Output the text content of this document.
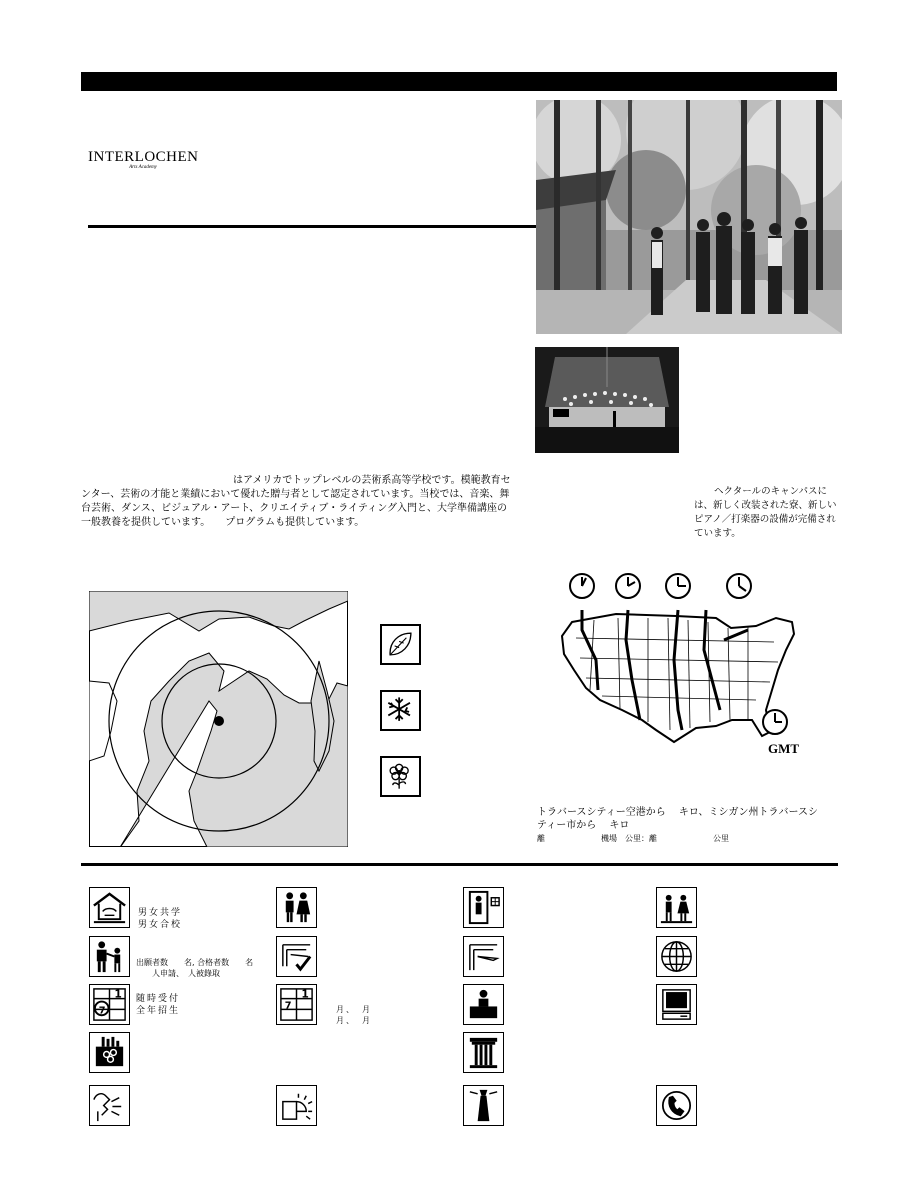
INTERLOCHEN
Arts Academy
はアメリカでトップレベルの芸術系高等学校です。模範教育センター、芸術の才能と業績において優れた贈与者として認定されています。当校では、音楽、舞台芸術、ダンス、ビジュアル・アート、クリエイティブ・ライティング入門と、大学準備講座の一般教養を提供しています。　　プログラムも提供しています。
ヘクタールのキャンパスには、新しく改装された寮、新しいピアノ／打楽器の設備が完備されています。
GMT
トラバースシティー空港から　 キロ、ミシガン州トラバースシ
ティー市から　 キロ
離　　　　　　　機場　公里：離　　　　　　　公里
男女共学
男女合校
出願者数　　名, 合格者数　　名
人申請、　人被錄取
1
7
随時受付
全年招生
1
7	月、　月
月、　月
